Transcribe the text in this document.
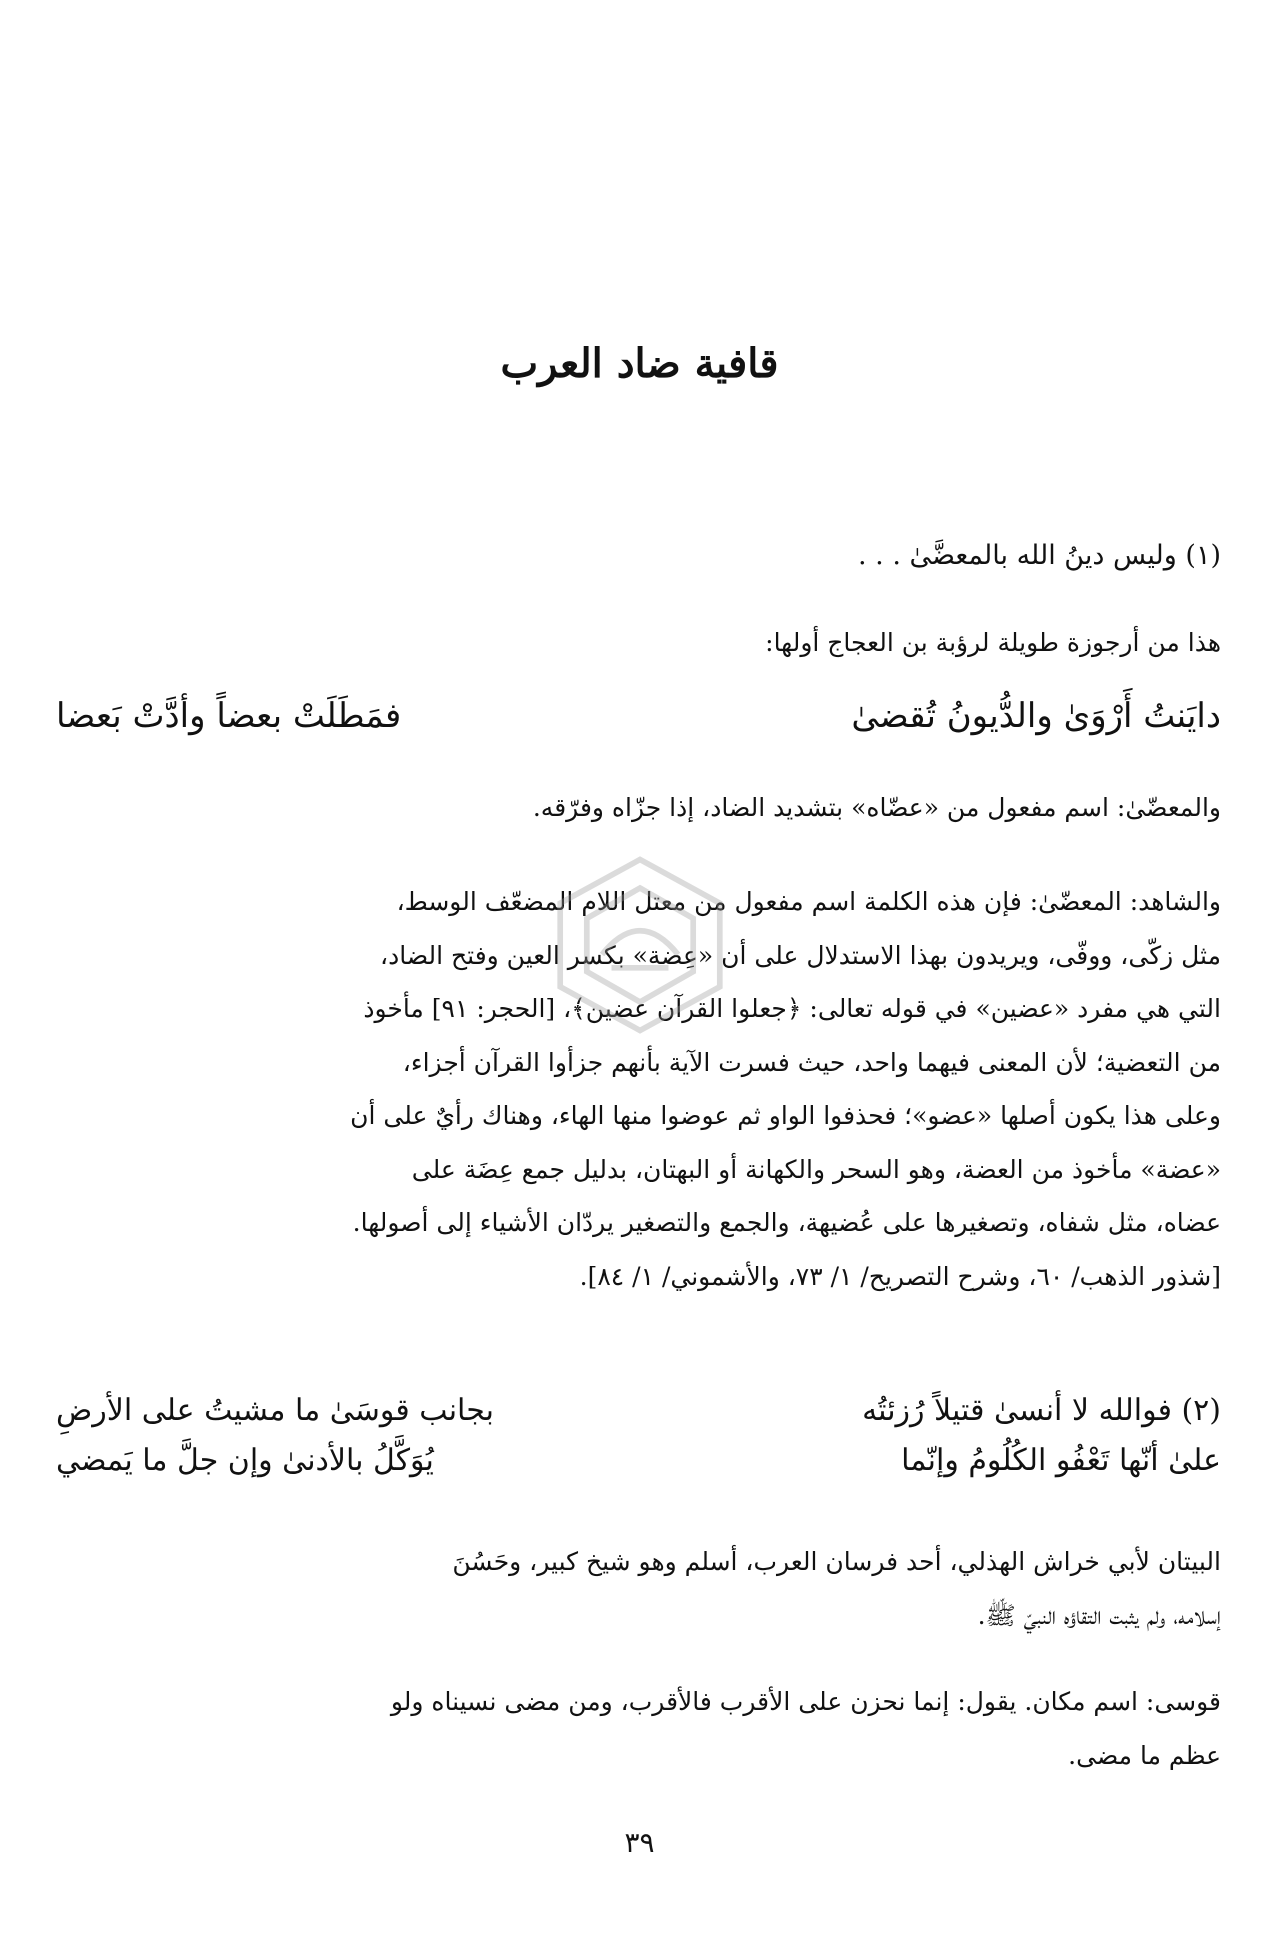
قافية ضاد العرب
(١) وليس دينُ الله بالمعضَّىٰ . . .
هذا من أرجوزة طويلة لرؤبة بن العجاج أولها:
دايَنتُ أَرْوَىٰ والدُّيونُ تُقضىٰ
فمَطَلَتْ بعضاً وأدَّتْ بَعضا
والمعضّىٰ: اسم مفعول من «عضّاه» بتشديد الضاد، إذا جزّاه وفرّقه.
والشاهد: المعضّىٰ: فإن هذه الكلمة اسم مفعول من معتل اللام المضعّف الوسط،
مثل زكّى، ووفّى، ويريدون بهذا الاستدلال على أن «عِضة» بكسر العين وفتح الضاد،
التي هي مفرد «عضين» في قوله تعالى: ﴿جعلوا القرآن عضين﴾، [الحجر: ٩١] مأخوذ
من التعضية؛ لأن المعنى فيهما واحد، حيث فسرت الآية بأنهم جزأوا القرآن أجزاء،
وعلى هذا يكون أصلها «عضو»؛ فحذفوا الواو ثم عوضوا منها الهاء، وهناك رأيٌ على أن
«عضة» مأخوذ من العضة، وهو السحر والكهانة أو البهتان، بدليل جمع عِضَة على
عضاه، مثل شفاه، وتصغيرها على عُضيهة، والجمع والتصغير يردّان الأشياء إلى أصولها.
[شذور الذهب/ ٦٠، وشرح التصريح/ ١/ ٧٣، والأشموني/ ١/ ٨٤].
(٢) فوالله لا أنسىٰ قتيلاً رُزئتُه
بجانب قوسَىٰ ما مشيتُ على الأرضِ
علىٰ أنّها تَعْفُو الكُلُومُ وإنّما
يُوَكَّلُ بالأدنىٰ وإن جلَّ ما يَمضي
البيتان لأبي خراش الهذلي، أحد فرسان العرب، أسلم وهو شيخ كبير، وحَسُنَ
إسلامه، ولم يثبت التقاؤه النبيّ ﷺ.
قوسى: اسم مكان. يقول: إنما نحزن على الأقرب فالأقرب، ومن مضى نسيناه ولو
عظم ما مضى.
٣٩
